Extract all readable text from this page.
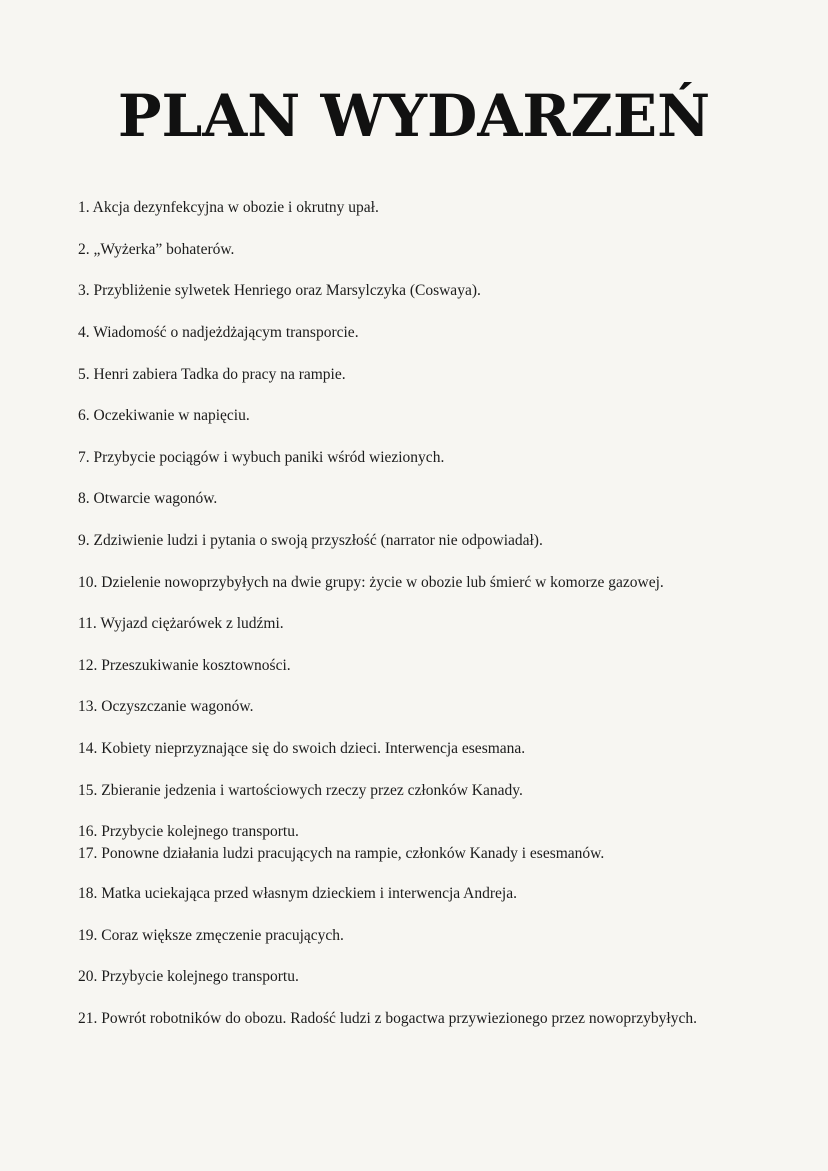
PLAN WYDARZEŃ
1. Akcja dezynfekcyjna w obozie i okrutny upał.
2. „Wyżerka” bohaterów.
3. Przybliżenie sylwetek Henriego oraz Marsylczyka (Coswaya).
4. Wiadomość o nadjeżdżającym transporcie.
5. Henri zabiera Tadka do pracy na rampie.
6. Oczekiwanie w napięciu.
7. Przybycie pociągów i wybuch paniki wśród wiezionych.
8. Otwarcie wagonów.
9. Zdziwienie ludzi i pytania o swoją przyszłość (narrator nie odpowiadał).
10. Dzielenie nowoprzybyłych na dwie grupy: życie w obozie lub śmierć w komorze gazowej.
11. Wyjazd ciężarówek z ludźmi.
12. Przeszukiwanie kosztowności.
13. Oczyszczanie wagonów.
14. Kobiety nieprzyznające się do swoich dzieci. Interwencja esesmana.
15. Zbieranie jedzenia i wartościowych rzeczy przez członków Kanady.
16. Przybycie kolejnego transportu.
17. Ponowne działania ludzi pracujących na rampie, członków Kanady i esesmanów.
18. Matka uciekająca przed własnym dzieckiem i interwencja Andreja.
19. Coraz większe zmęczenie pracujących.
20. Przybycie kolejnego transportu.
21. Powrót robotników do obozu. Radość ludzi z bogactwa przywiezionego przez nowoprzybyłych.
